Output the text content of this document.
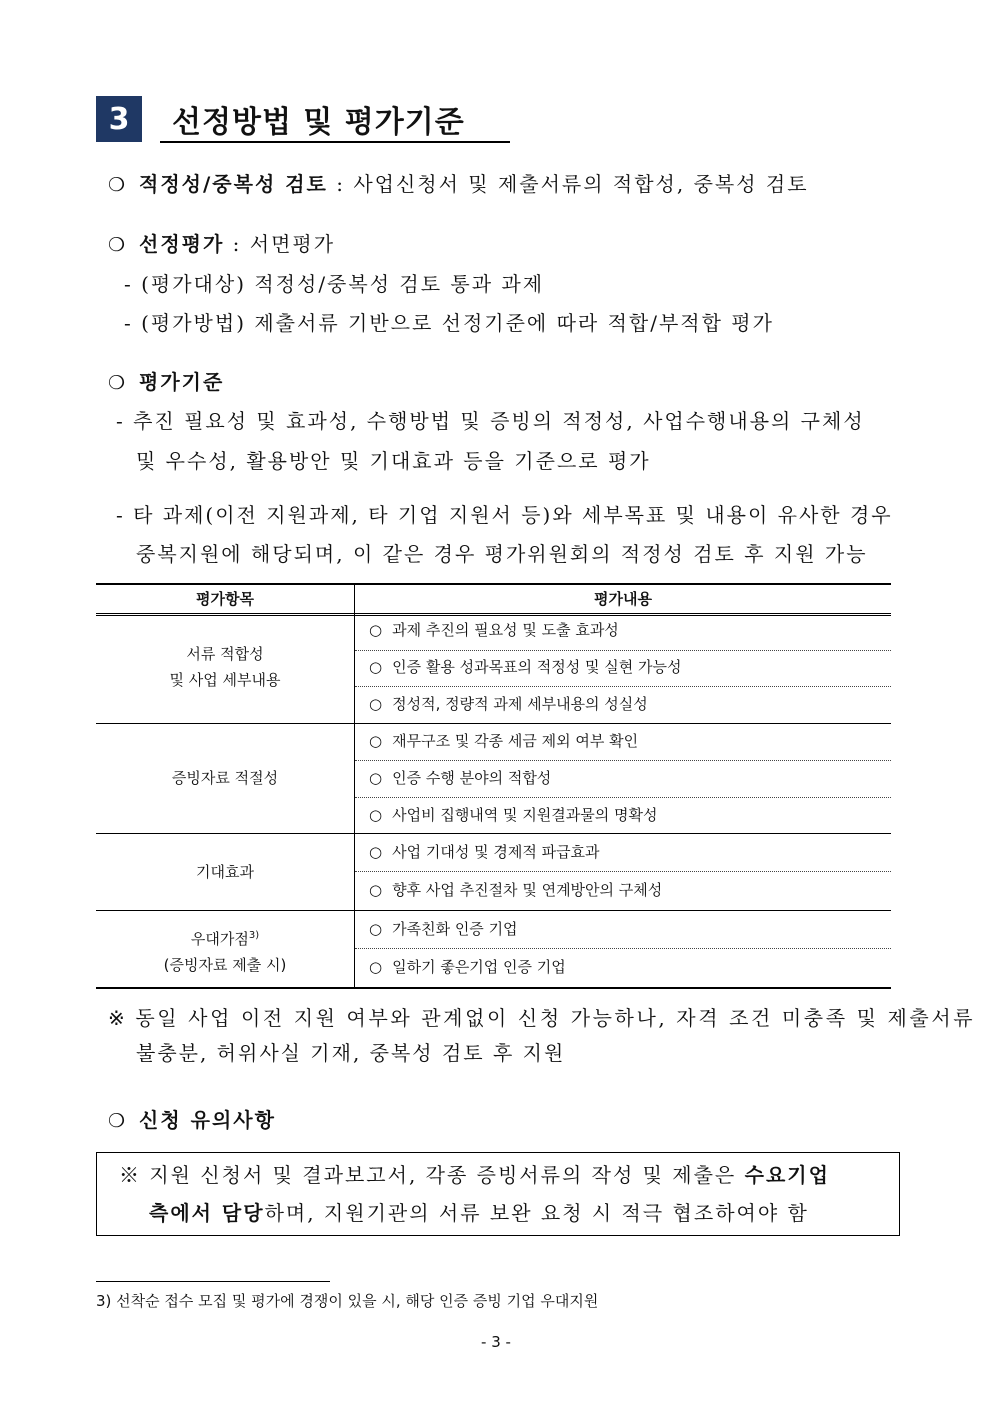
3	선정방법 및 평가기준
❍ 적정성/중복성 검토 : 사업신청서 및 제출서류의 적합성, 중복성 검토
❍ 선정평가 : 서면평가
- (평가대상) 적정성/중복성 검토 통과 과제
- (평가방법) 제출서류 기반으로 선정기준에 따라 적합/부적합 평가
❍ 평가기준
- 추진 필요성 및 효과성, 수행방법 및 증빙의 적정성, 사업수행내용의 구체성
및 우수성, 활용방안 및 기대효과 등을 기준으로 평가
- 타 과제(이전 지원과제, 타 기업 지원서 등)와 세부목표 및 내용이 유사한 경우
중복지원에 해당되며, 이 같은 경우 평가위원회의 적정성 검토 후 지원 가능
평가항목	평가내용
서류 적합성
및 사업 세부내용
○ 과제 추진의 필요성 및 도출 효과성
○ 인증 활용 성과목표의 적정성 및 실현 가능성
○ 정성적, 정량적 과제 세부내용의 성실성
증빙자료 적절성
○ 재무구조 및 각종 세금 제외 여부 확인
○ 인증 수행 분야의 적합성
○ 사업비 집행내역 및 지원결과물의 명확성
기대효과
○ 사업 기대성 및 경제적 파급효과
○ 향후 사업 추진절차 및 연계방안의 구체성
우대가점$^{3)}$
(증빙자료 제출 시)
○ 가족친화 인증 기업
○ 일하기 좋은기업 인증 기업
※ 동일 사업 이전 지원 여부와 관계없이 신청 가능하나, 자격 조건 미충족 및 제출서류
불충분, 허위사실 기재, 중복성 검토 후 지원
❍ 신청 유의사항
※ 지원 신청서 및 결과보고서, 각종 증빙서류의 작성 및 제출은 수요기업
측에서 담당하며, 지원기관의 서류 보완 요청 시 적극 협조하여야 함
3) 선착순 접수 모집 및 평가에 경쟁이 있을 시, 해당 인증 증빙 기업 우대지원
- 3 -
